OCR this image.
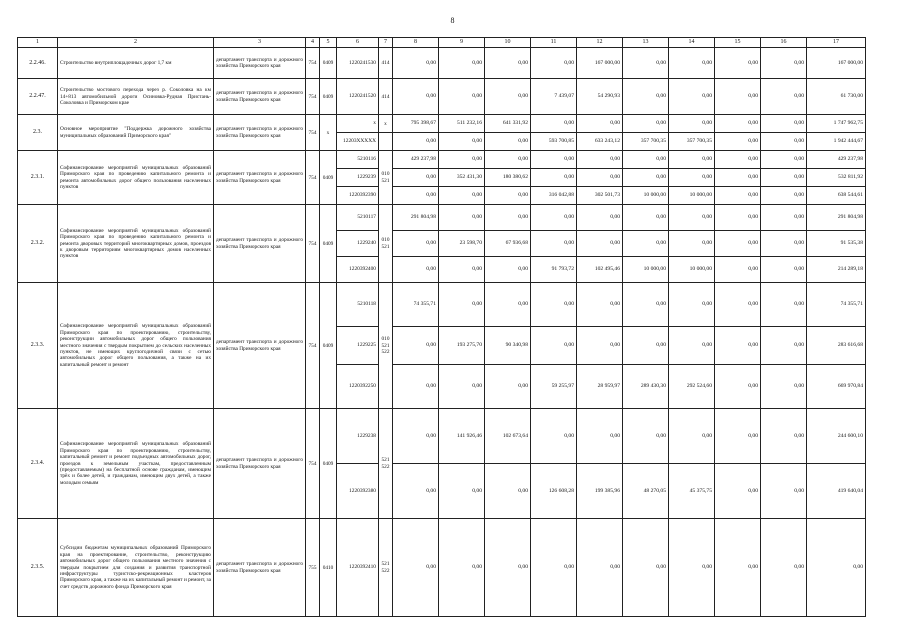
8
1	2	3	4	5	6	7	8	9	10	11	12	13	14	15	16	17
2.2.46.	Строительство внутриплощадочных дорог 1,7 км	департамент транспорта и дорожного хозяйства Приморского края	754	0409	1220241530	414	0,00	0,00	0,00	0,00	167 000,00	0,00	0,00	0,00	0,00	167 000,00
2.2.47.	Строительство мостового перехода через р. Соколовка на км 14+813 автомобильной дороги Осиновка-Рудная Пристань-Соколовка и Приморском крае	департамент транспорта и дорожного хозяйства Приморского края	754	0409	1220241520	414	0,00	0,00	0,00	7 439,07	54 290,93	0,00	0,00	0,00	0,00	61 730,00
2.3.	Основное мероприятие "Поддержка дорожного хозяйства муниципальных образований Приморского края"	департамент транспорта и дорожного хозяйства Приморского края	754	х	х	х	795 398,67	511 232,16	641 331,92	0,00	0,00	0,00	0,00	0,00	0,00	1 747 962,75
					12203ХХХХХ		0,00	0,00	0,00	593 700,85	633 243,12	357 700,35	357 700,35	0,00	0,00	1 942 444,67
2.3.1.	Софинансирование мероприятий муниципальных образований Приморского края по проведению капитального ремонта и ремонта автомобильных дорог общего пользования населенных пунктов	департамент транспорта и дорожного хозяйства Приморского края	754	0409	5210116	010 521	429 237,98	0,00	0,00	0,00	0,00	0,00	0,00	0,00	0,00	429 237,98
					1229239		0,00	352 431,30	180 380,62	0,00	0,00	0,00	0,00	0,00	0,00	532 811,92
					1220392390		0,00	0,00	0,00	316 042,88	302 501,73	10 000,00	10 000,00	0,00	0,00	638 544,61
2.3.2.	Софинансирование мероприятий муниципальных образований Приморского края по проведению капитального ремонта и ремонта дворовых территорий многоквартирных домов, проездов к дворовым территориям многоквартирных домов населенных пунктов	департамент транспорта и дорожного хозяйства Приморского края	754	0409	5210117	010 521	291 804,98	0,00	0,00	0,00	0,00	0,00	0,00	0,00	0,00	291 804,98
					1229240		0,00	23 598,70	67 936,68	0,00	0,00	0,00	0,00	0,00	0,00	91 535,38
					1220392400		0,00	0,00	0,00	91 793,72	102 495,46	10 000,00	10 000,00	0,00	0,00	214 289,18
2.3.3.	Софинансирование мероприятий муниципальных образований Приморского края по проектированию, строительству, реконструкции автомобильных дорог общего пользования местного значения с твердым покрытием до сельских населенных пунктов, не имеющих круглогодичной связи с сетью автомобильных дорог общего пользования, а также на их капитальный ремонт и ремонт	департамент транспорта и дорожного хозяйства Приморского края	754	0409	5210118	010 521 522	74 355,71	0,00	0,00	0,00	0,00	0,00	0,00	0,00	0,00	74 355,71
					1229225		0,00	193 275,70	90 340,98	0,00	0,00	0,00	0,00	0,00	0,00	283 616,68
					1220392250		0,00	0,00	0,00	59 255,97	28 959,97	289 430,30	292 524,60	0,00	0,00	669 970,84
2.3.4.	Софинансирование мероприятий муниципальных образований Приморского края по проектированию, строительству, капитальный ремонт и ремонт подъездных автомобильных дорог, проездов к земельным участкам, предоставленным (предоставляемым) на бесплатной основе гражданам, имеющим трёх и более детей, и гражданам, имеющим двух детей, а также молодым семьям	департамент транспорта и дорожного хозяйства Приморского края	754	0409	1229238	521 522	0,00	141 926,46	102 673,64	0,00	0,00	0,00	0,00	0,00	0,00	244 600,10
					1220392380		0,00	0,00	0,00	126 608,28	199 385,96	48 270,05	45 375,75	0,00	0,00	419 640,04
2.3.5.	Субсидии бюджетам муниципальных образований Приморского края на проектирование, строительство, реконструкцию автомобильных дорог общего пользования местного значения с твердым покрытием для создания и развития транспортной инфраструктуры туристско-рекреационных кластеров Приморского края, а также на их капитальный ремонт и ремонт, за счет средств дорожного фонда Приморского края	департамент транспорта и дорожного хозяйства Приморского края	755	0410	1220392410	521 522	0,00	0,00	0,00	0,00	0,00	0,00	0,00	0,00	0,00	0,00
